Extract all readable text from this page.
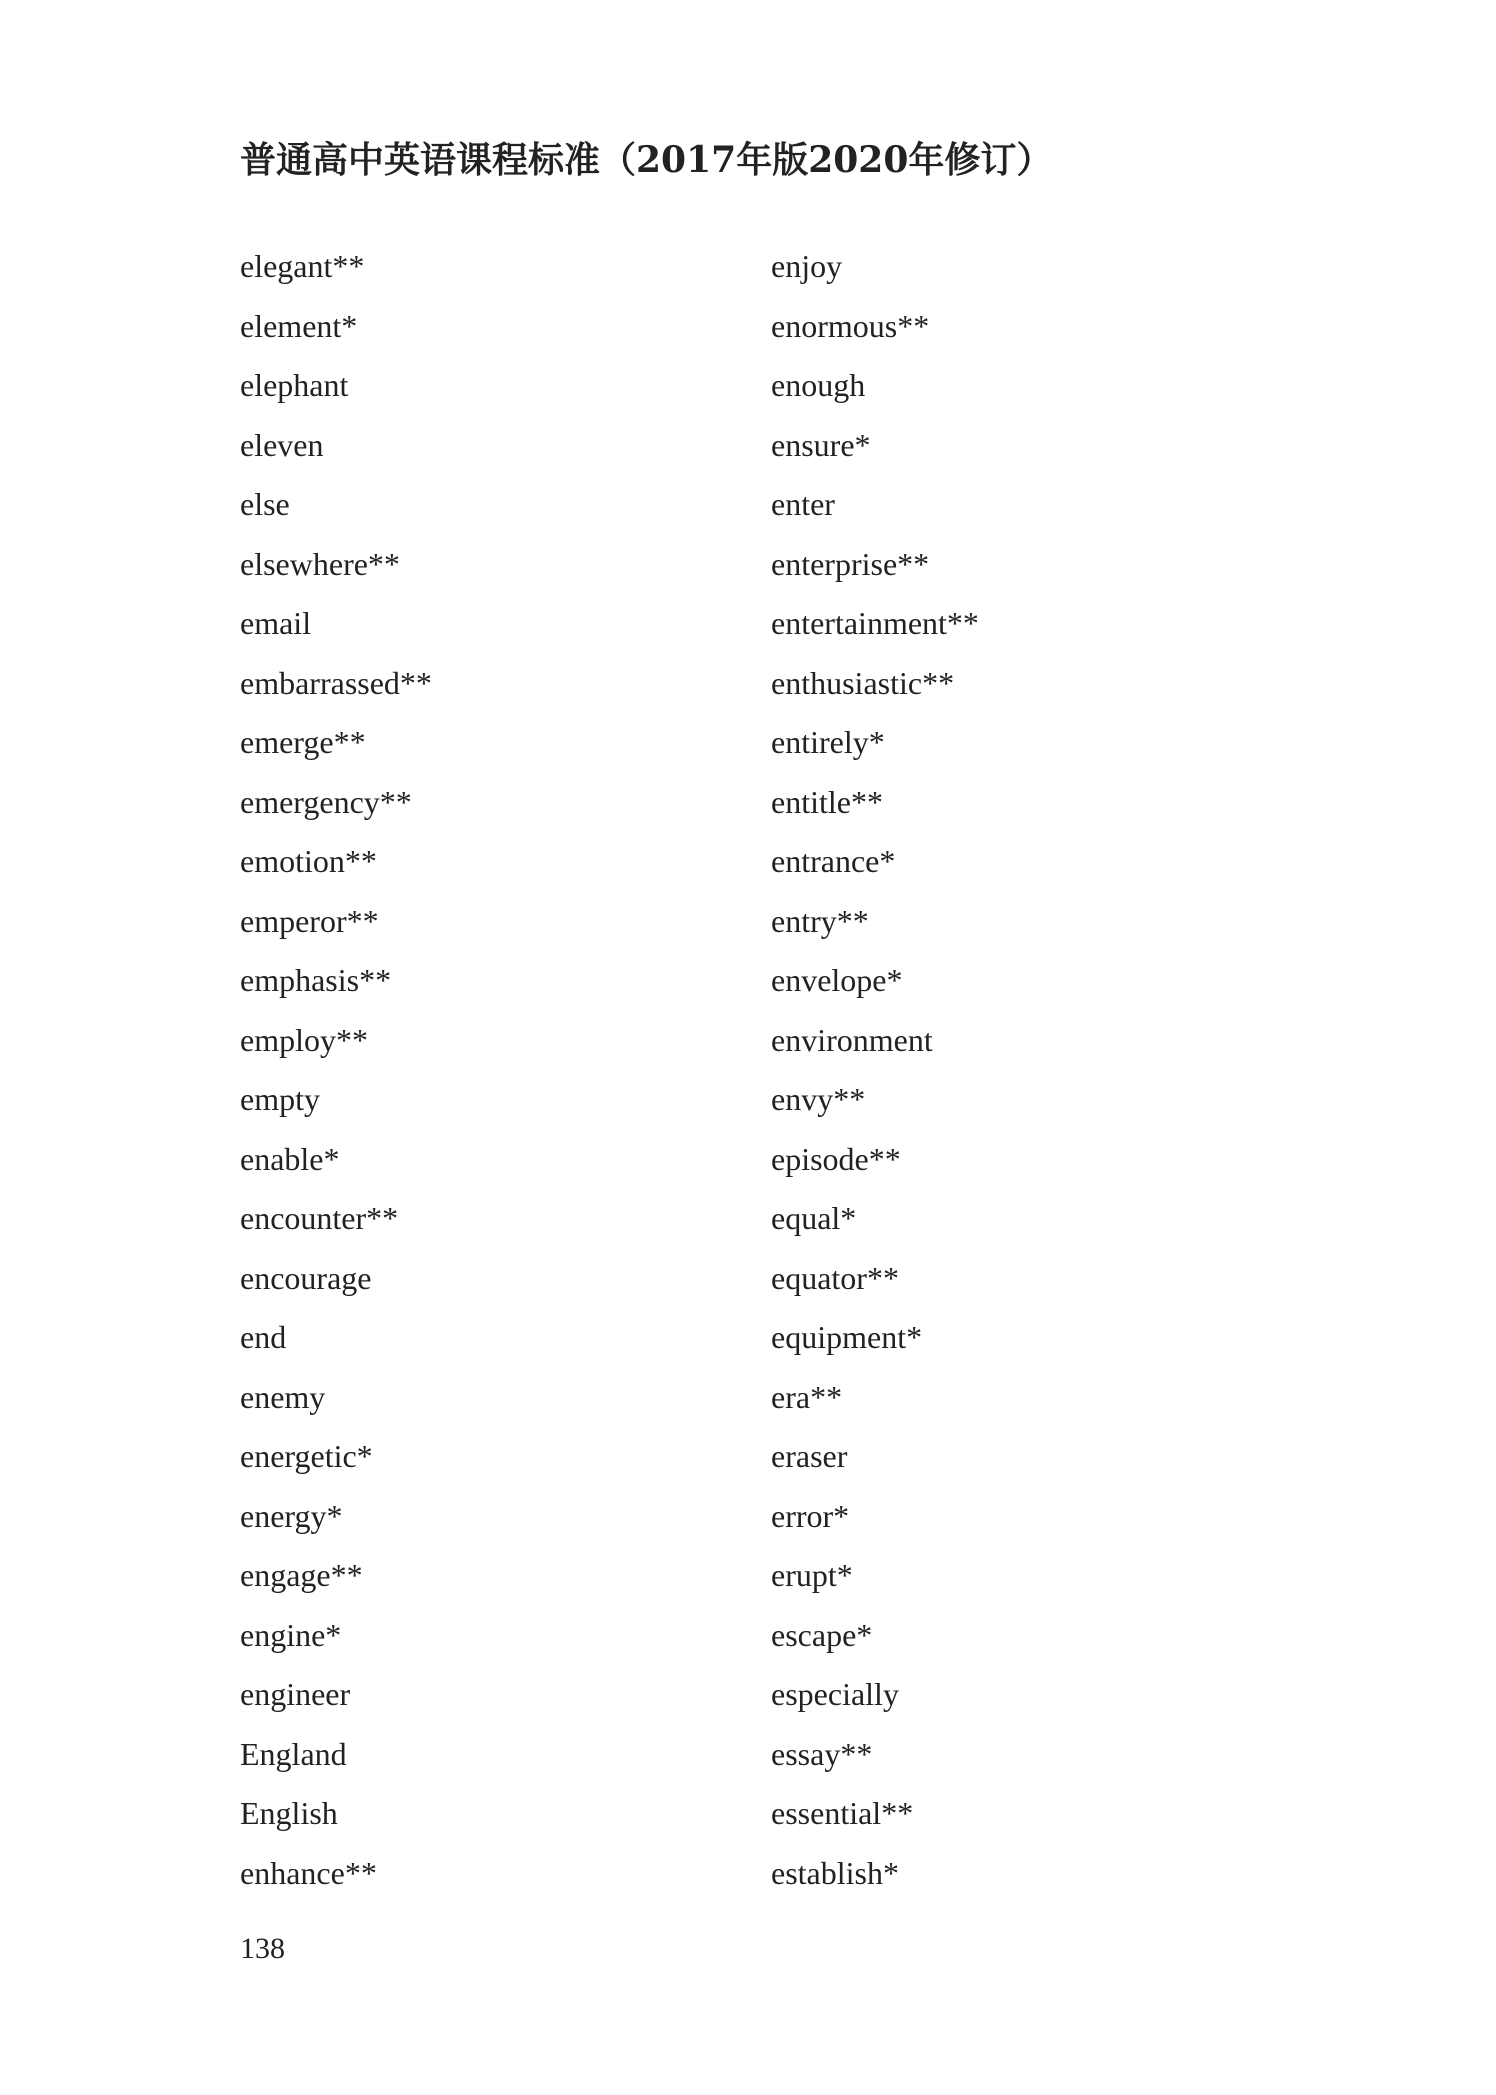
普通高中英语课程标准（2017年版2020年修订）
elegant**
element*
elephant
eleven
else
elsewhere**
email
embarrassed**
emerge**
emergency**
emotion**
emperor**
emphasis**
employ**
empty
enable*
encounter**
encourage
end
enemy
energetic*
energy*
engage**
engine*
engineer
England
English
enhance**
enjoy
enormous**
enough
ensure*
enter
enterprise**
entertainment**
enthusiastic**
entirely*
entitle**
entrance*
entry**
envelope*
environment
envy**
episode**
equal*
equator**
equipment*
era**
eraser
error*
erupt*
escape*
especially
essay**
essential**
establish*
138
